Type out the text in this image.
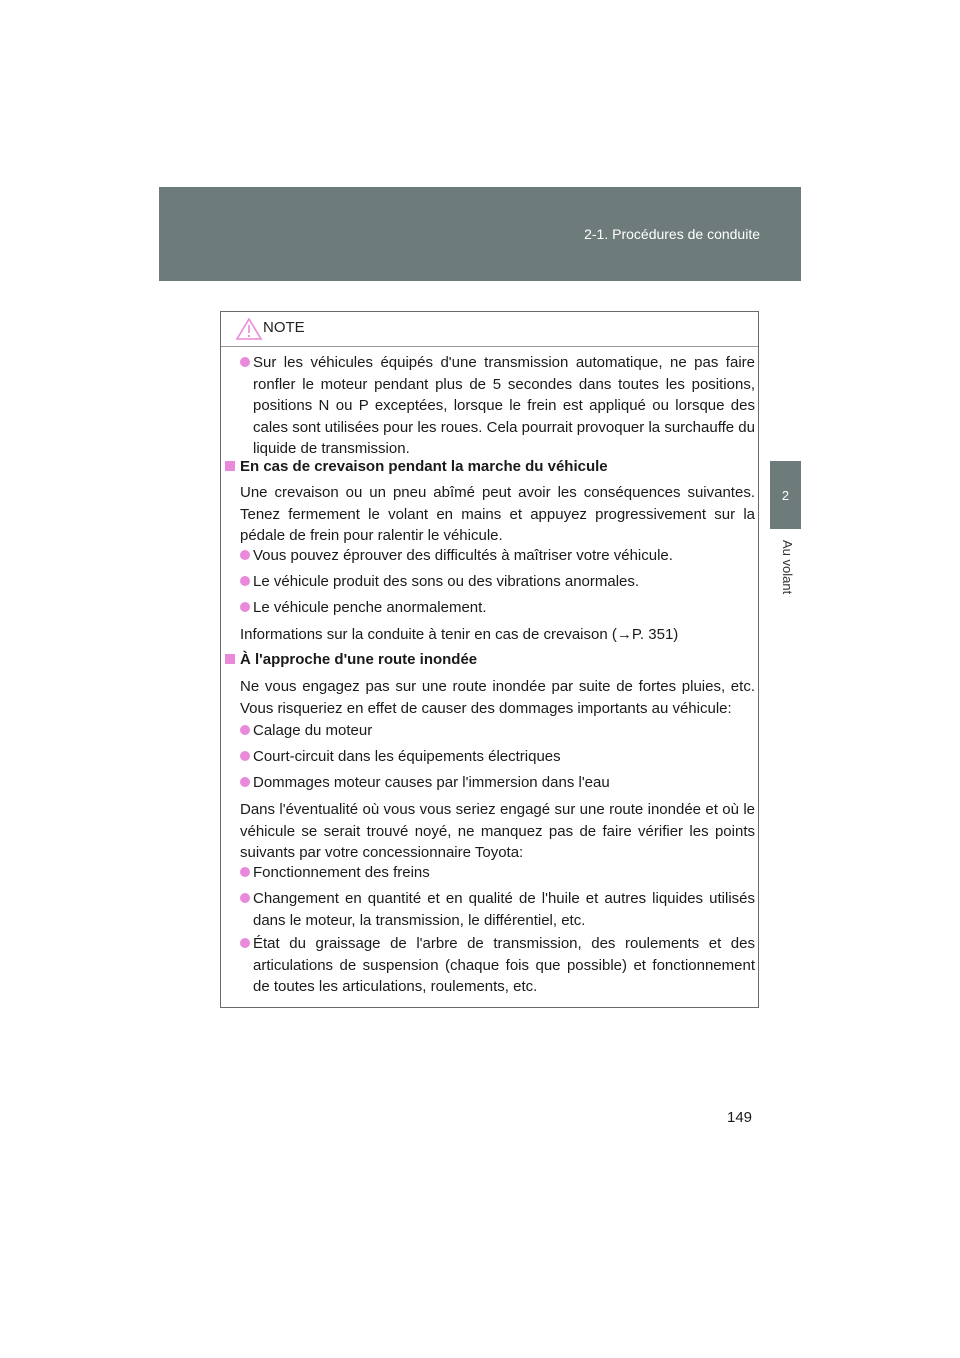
2-1. Procédures de conduite
2
Au volant
NOTE
Sur les véhicules équipés d'une transmission automatique, ne pas faire ronfler le moteur pendant plus de 5 secondes dans toutes les positions, positions N ou P exceptées, lorsque le frein est appliqué ou lorsque des cales sont utilisées pour les roues. Cela pourrait provoquer la surchauffe du liquide de transmission.
En cas de crevaison pendant la marche du véhicule
Une crevaison ou un pneu abîmé peut avoir les conséquences suivantes. Tenez fermement le volant en mains et appuyez progressivement sur la pédale de frein pour ralentir le véhicule.
Vous pouvez éprouver des difficultés à maîtriser votre véhicule.
Le véhicule produit des sons ou des vibrations anormales.
Le véhicule penche anormalement.
Informations sur la conduite à tenir en cas de crevaison (→P. 351)
À l'approche d'une route inondée
Ne vous engagez pas sur une route inondée par suite de fortes pluies, etc. Vous risqueriez en effet de causer des dommages importants au véhicule:
Calage du moteur
Court-circuit dans les équipements électriques
Dommages moteur causes par l'immersion dans l'eau
Dans l'éventualité où vous vous seriez engagé sur une route inondée et où le véhicule se serait trouvé noyé, ne manquez pas de faire vérifier les points suivants par votre concessionnaire Toyota:
Fonctionnement des freins
Changement en quantité et en qualité de l'huile et autres liquides utilisés dans le moteur, la transmission, le différentiel, etc.
État du graissage de l'arbre de transmission, des roulements et des articulations de suspension (chaque fois que possible) et fonctionnement de toutes les articulations, roulements, etc.
149
